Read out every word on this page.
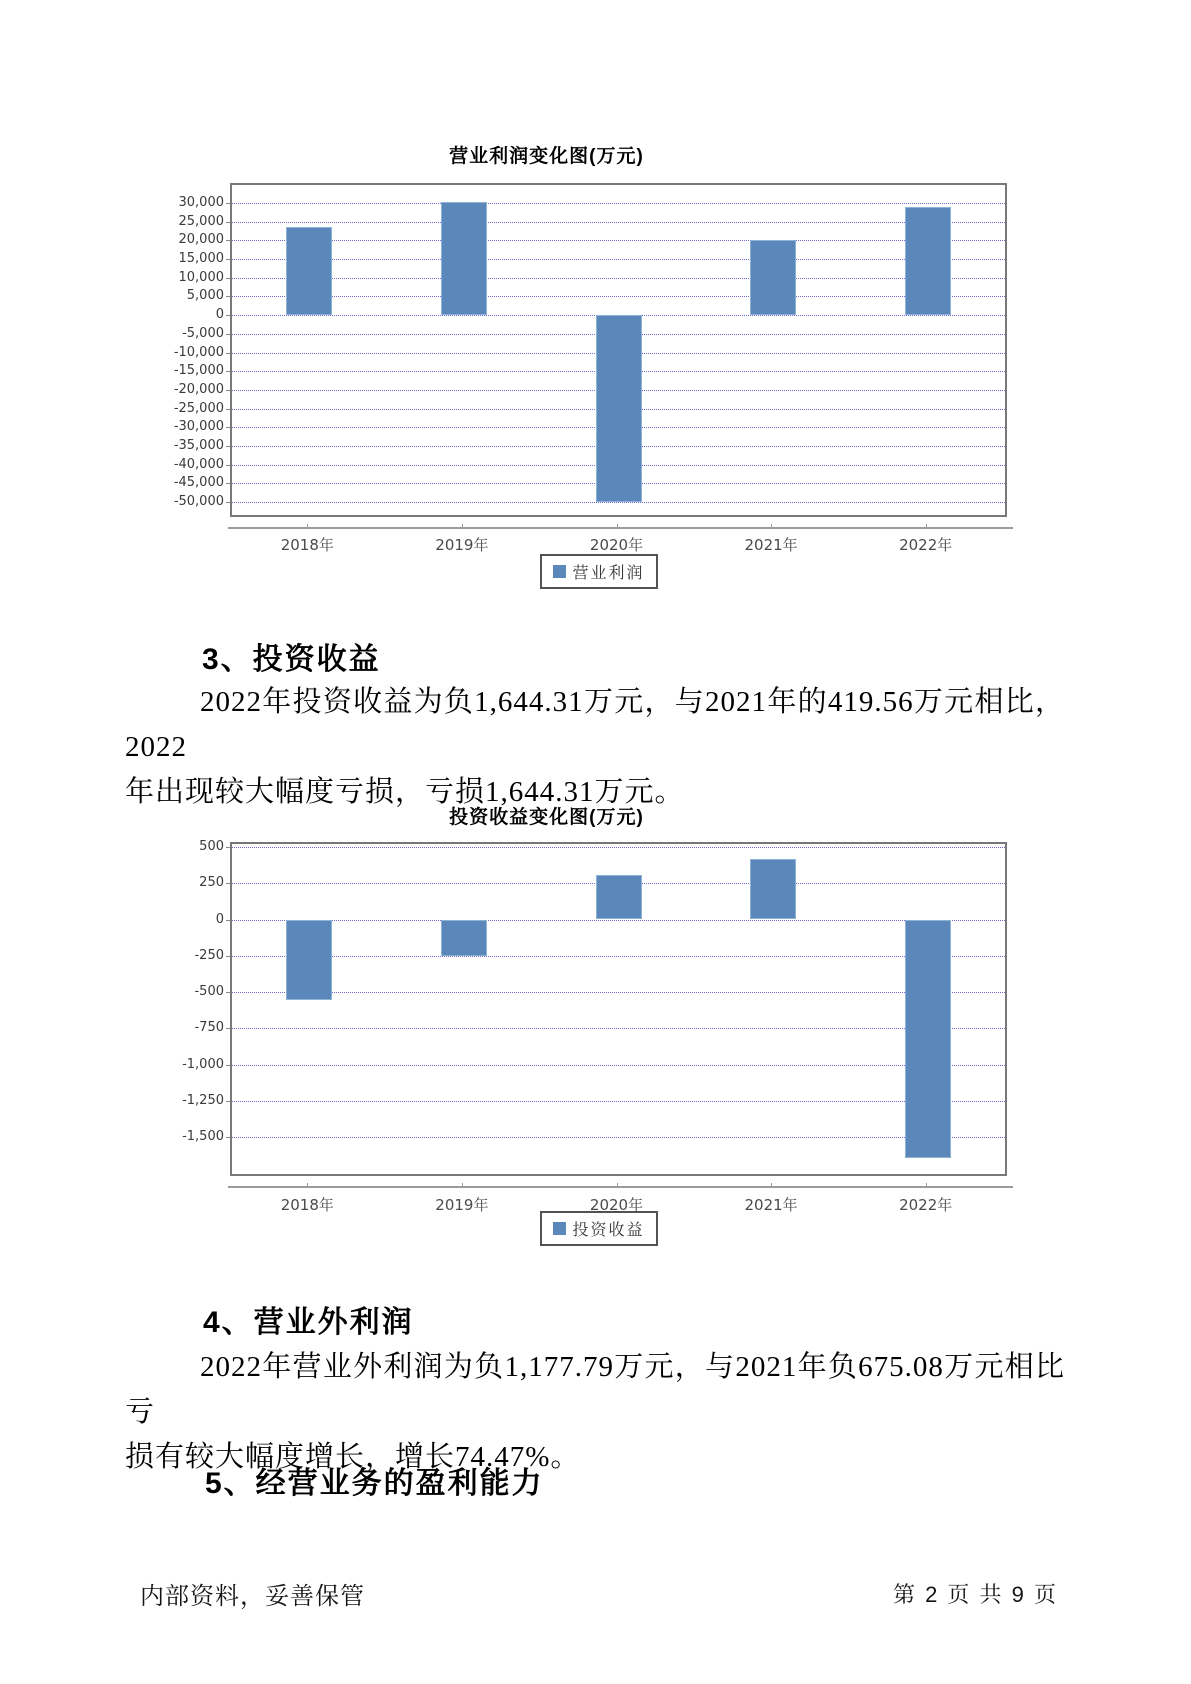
营业利润变化图(万元)
营业利润
30,000
25,000
20,000
15,000
10,000
5,000
0
-5,000
-10,000
-15,000
-20,000
-25,000
-30,000
-35,000
-40,000
-45,000
-50,000
2018年	2019年	2020年	2021年	2022年
3、投资收益
2022年投资收益为负1,644.31万元，与2021年的419.56万元相比，2022
年出现较大幅度亏损，亏损1,644.31万元。
投资收益变化图(万元)
投资收益
500
250
0
-250
-500
-750
-1,000
-1,250
-1,500
2018年	2019年	2020年	2021年	2022年
4、营业外利润
2022年营业外利润为负1,177.79万元，与2021年负675.08万元相比亏
损有较大幅度增长，增长74.47%。
5、经营业务的盈利能力
内部资料，妥善保管	第 2 页 共 9 页
